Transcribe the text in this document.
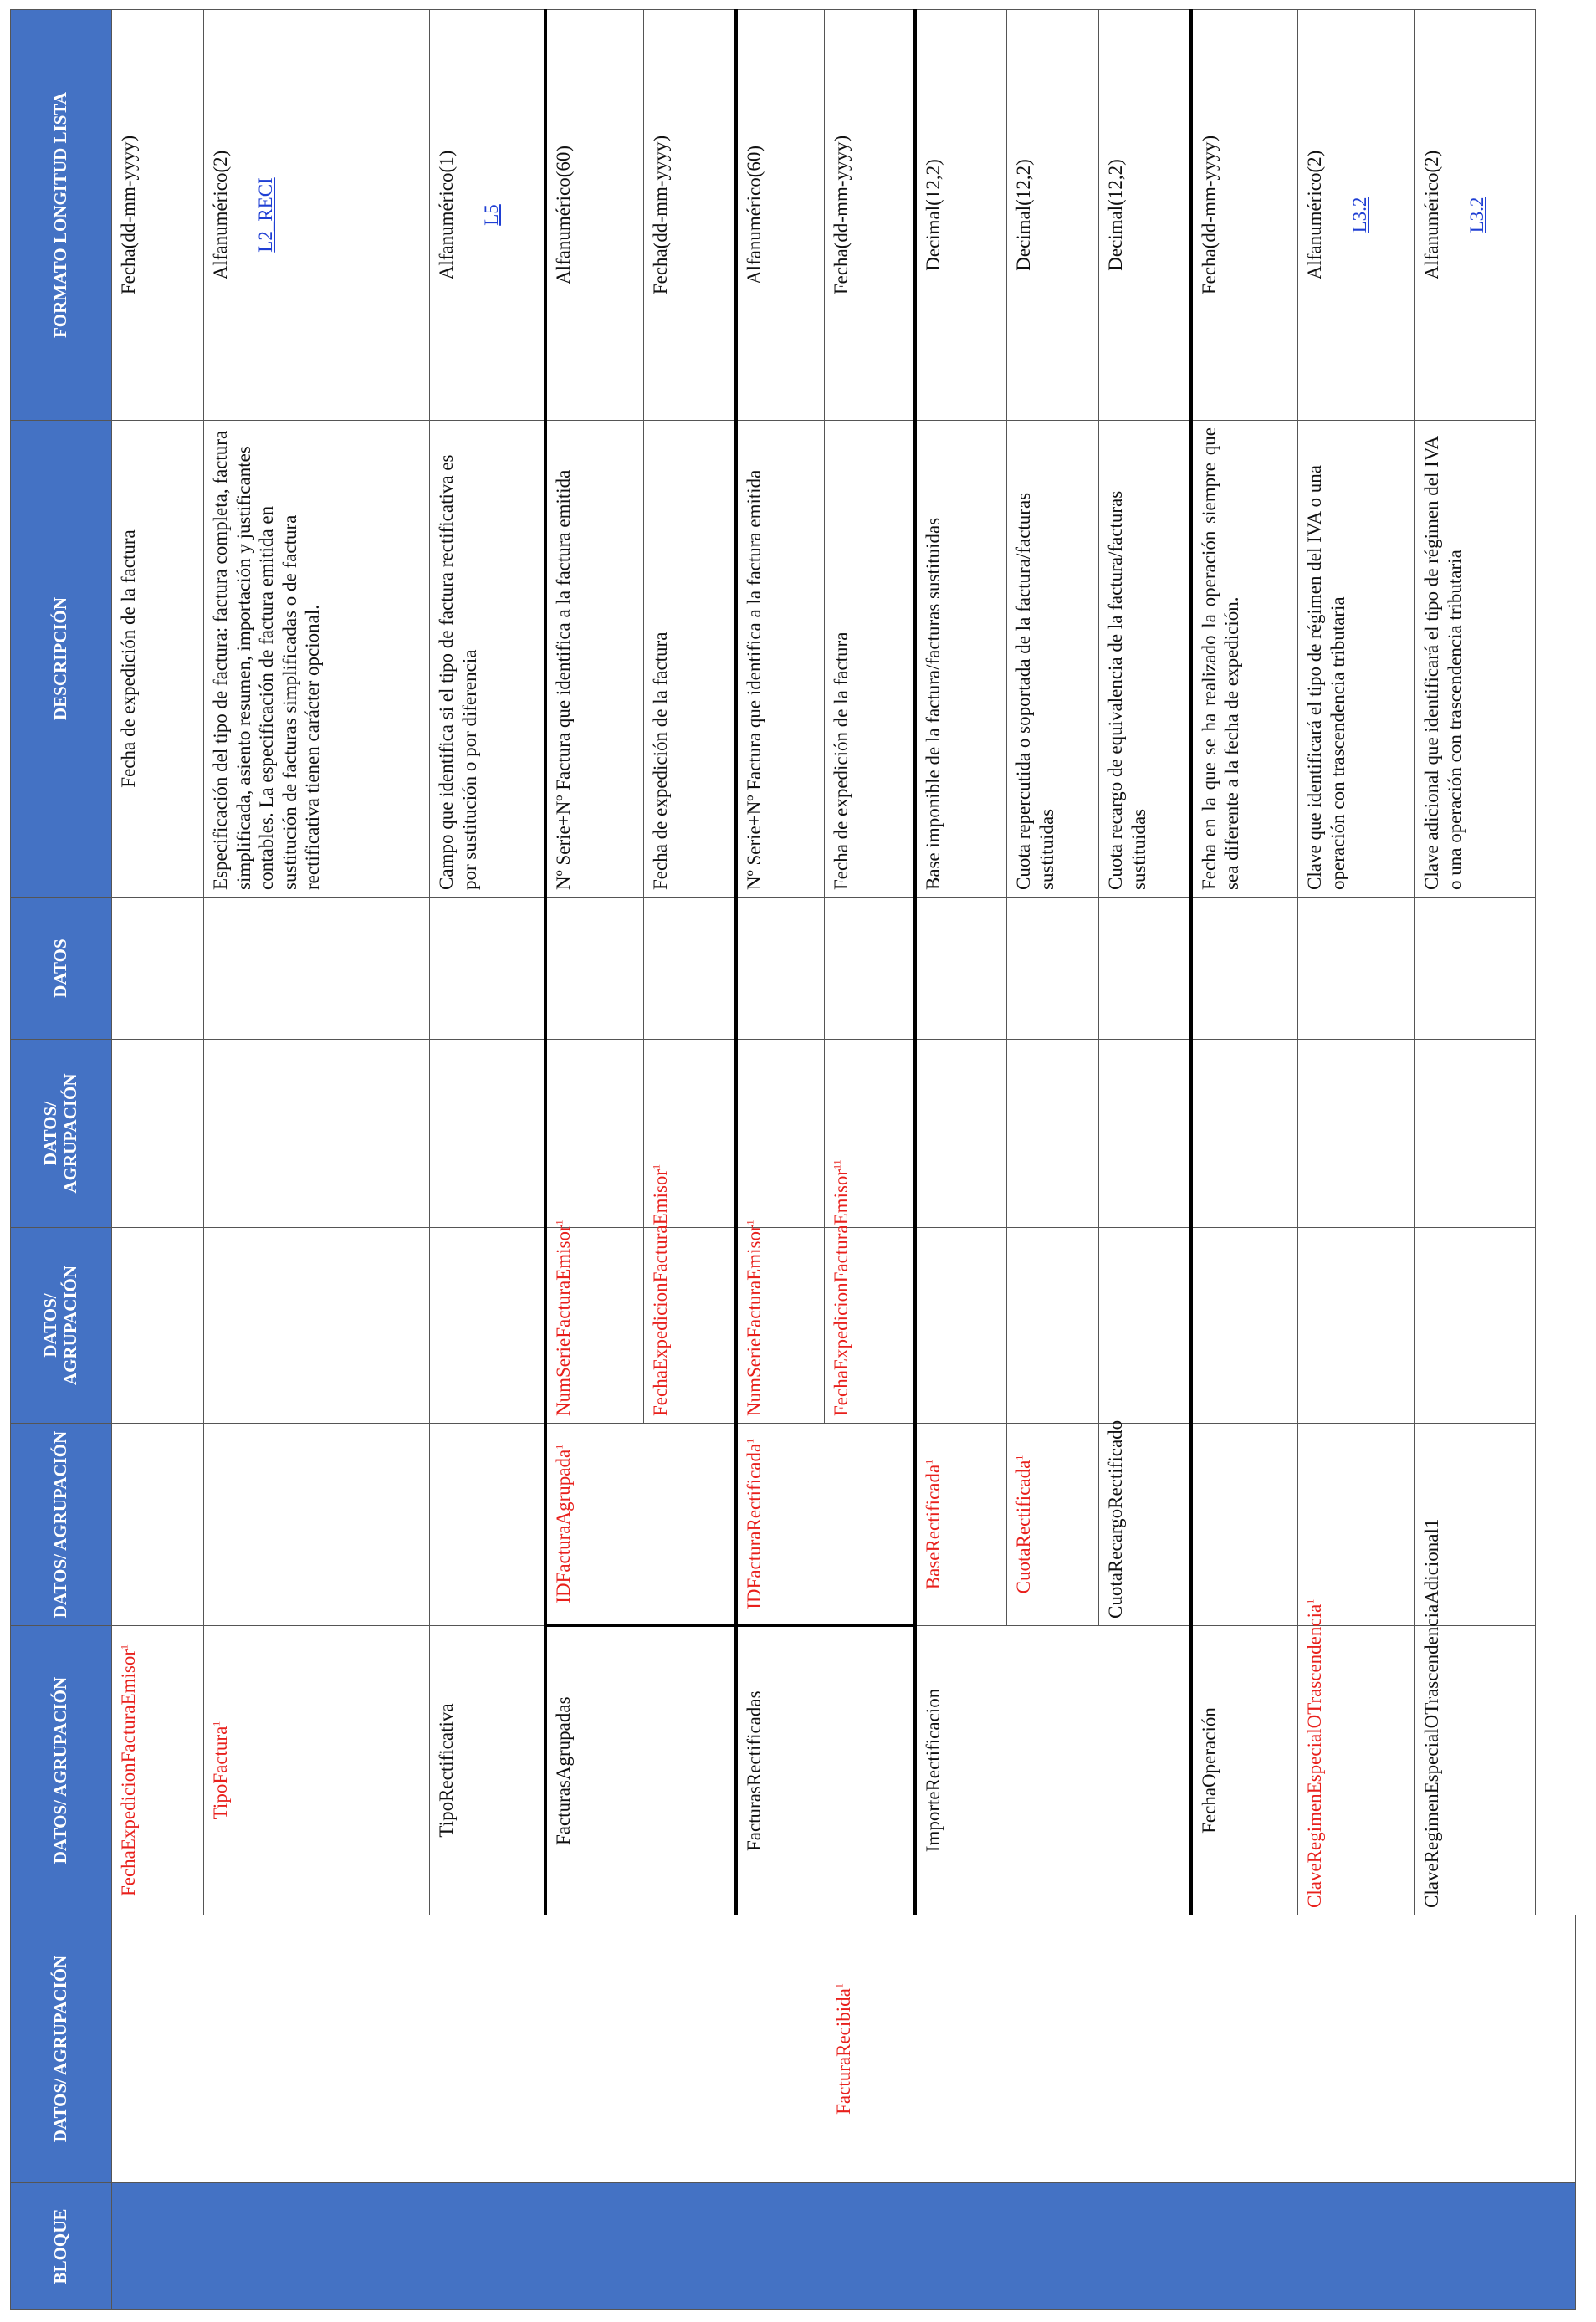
BLOQUE	DATOS/ AGRUPACIÓN	DATOS/ AGRUPACIÓN	DATOS/ AGRUPACIÓN	DATOS/ AGRUPACIÓN	DATOS/ AGRUPACIÓN	DATOS	DESCRIPCIÓN	FORMATO LONGITUD LISTA
	FacturaRecibida$^1$	FechaExpedicionFacturaEmisor$^1$					Fecha de expedición de la factura	Fecha(dd-mm-yyyy)
		TipoFactura$^1$					Especificación del tipo de factura: factura completa, factura simplificada, asiento resumen, importación y justificantes contables. La especificación de factura emitida en sustitución de facturas simplificadas o de factura rectificativa tienen carácter opcional.	Alfanumérico(2) L2_RECI

		TipoRectificativa					Campo que identifica si el tipo de factura rectificativa es por sustitución o por diferencia	Alfanumérico(1) L5

		FacturasAgrupadas	IDFacturaAgrupada$^1$	NumSerieFacturaEmisor$^1$			Nº Serie+Nº Factura que identifica a la factura emitida	Alfanumérico(60)
				FechaExpedicionFacturaEmisor$^1$			Fecha de expedición de la factura	Fecha(dd-mm-yyyy)
		FacturasRectificadas	IDFacturaRectificada$^1$	NumSerieFacturaEmisor$^1$			Nº Serie+Nº Factura que identifica a la factura emitida	Alfanumérico(60)
				FechaExpedicionFacturaEmisor$^{11}$			Fecha de expedición de la factura	Fecha(dd-mm-yyyy)
		ImporteRectificacion	BaseRectificada$^1$				Base imponible de la factura/facturas sustituidas	Decimal(12,2)
			CuotaRectificada$^1$				Cuota repercutida o soportada de la factura/facturas sustituidas	Decimal(12,2)
			CuotaRecargoRectificado				Cuota recargo de equivalencia de la factura/facturas sustituidas	Decimal(12,2)
		FechaOperación					Fecha en la que se ha realizado la operación siempre que sea diferente a la fecha de expedición.	Fecha(dd-mm-yyyy)
		ClaveRegimenEspecialOTrascendencia$^1$					Clave que identificará el tipo de régimen del IVA o una operación con trascendencia tributaria	Alfanumérico(2) L3.2

		ClaveRegimenEspecialOTrascendenciaAdicional1					Clave adicional que identificará el tipo de régimen del IVA o una operación con trascendencia tributaria	Alfanumérico(2) L3.2
